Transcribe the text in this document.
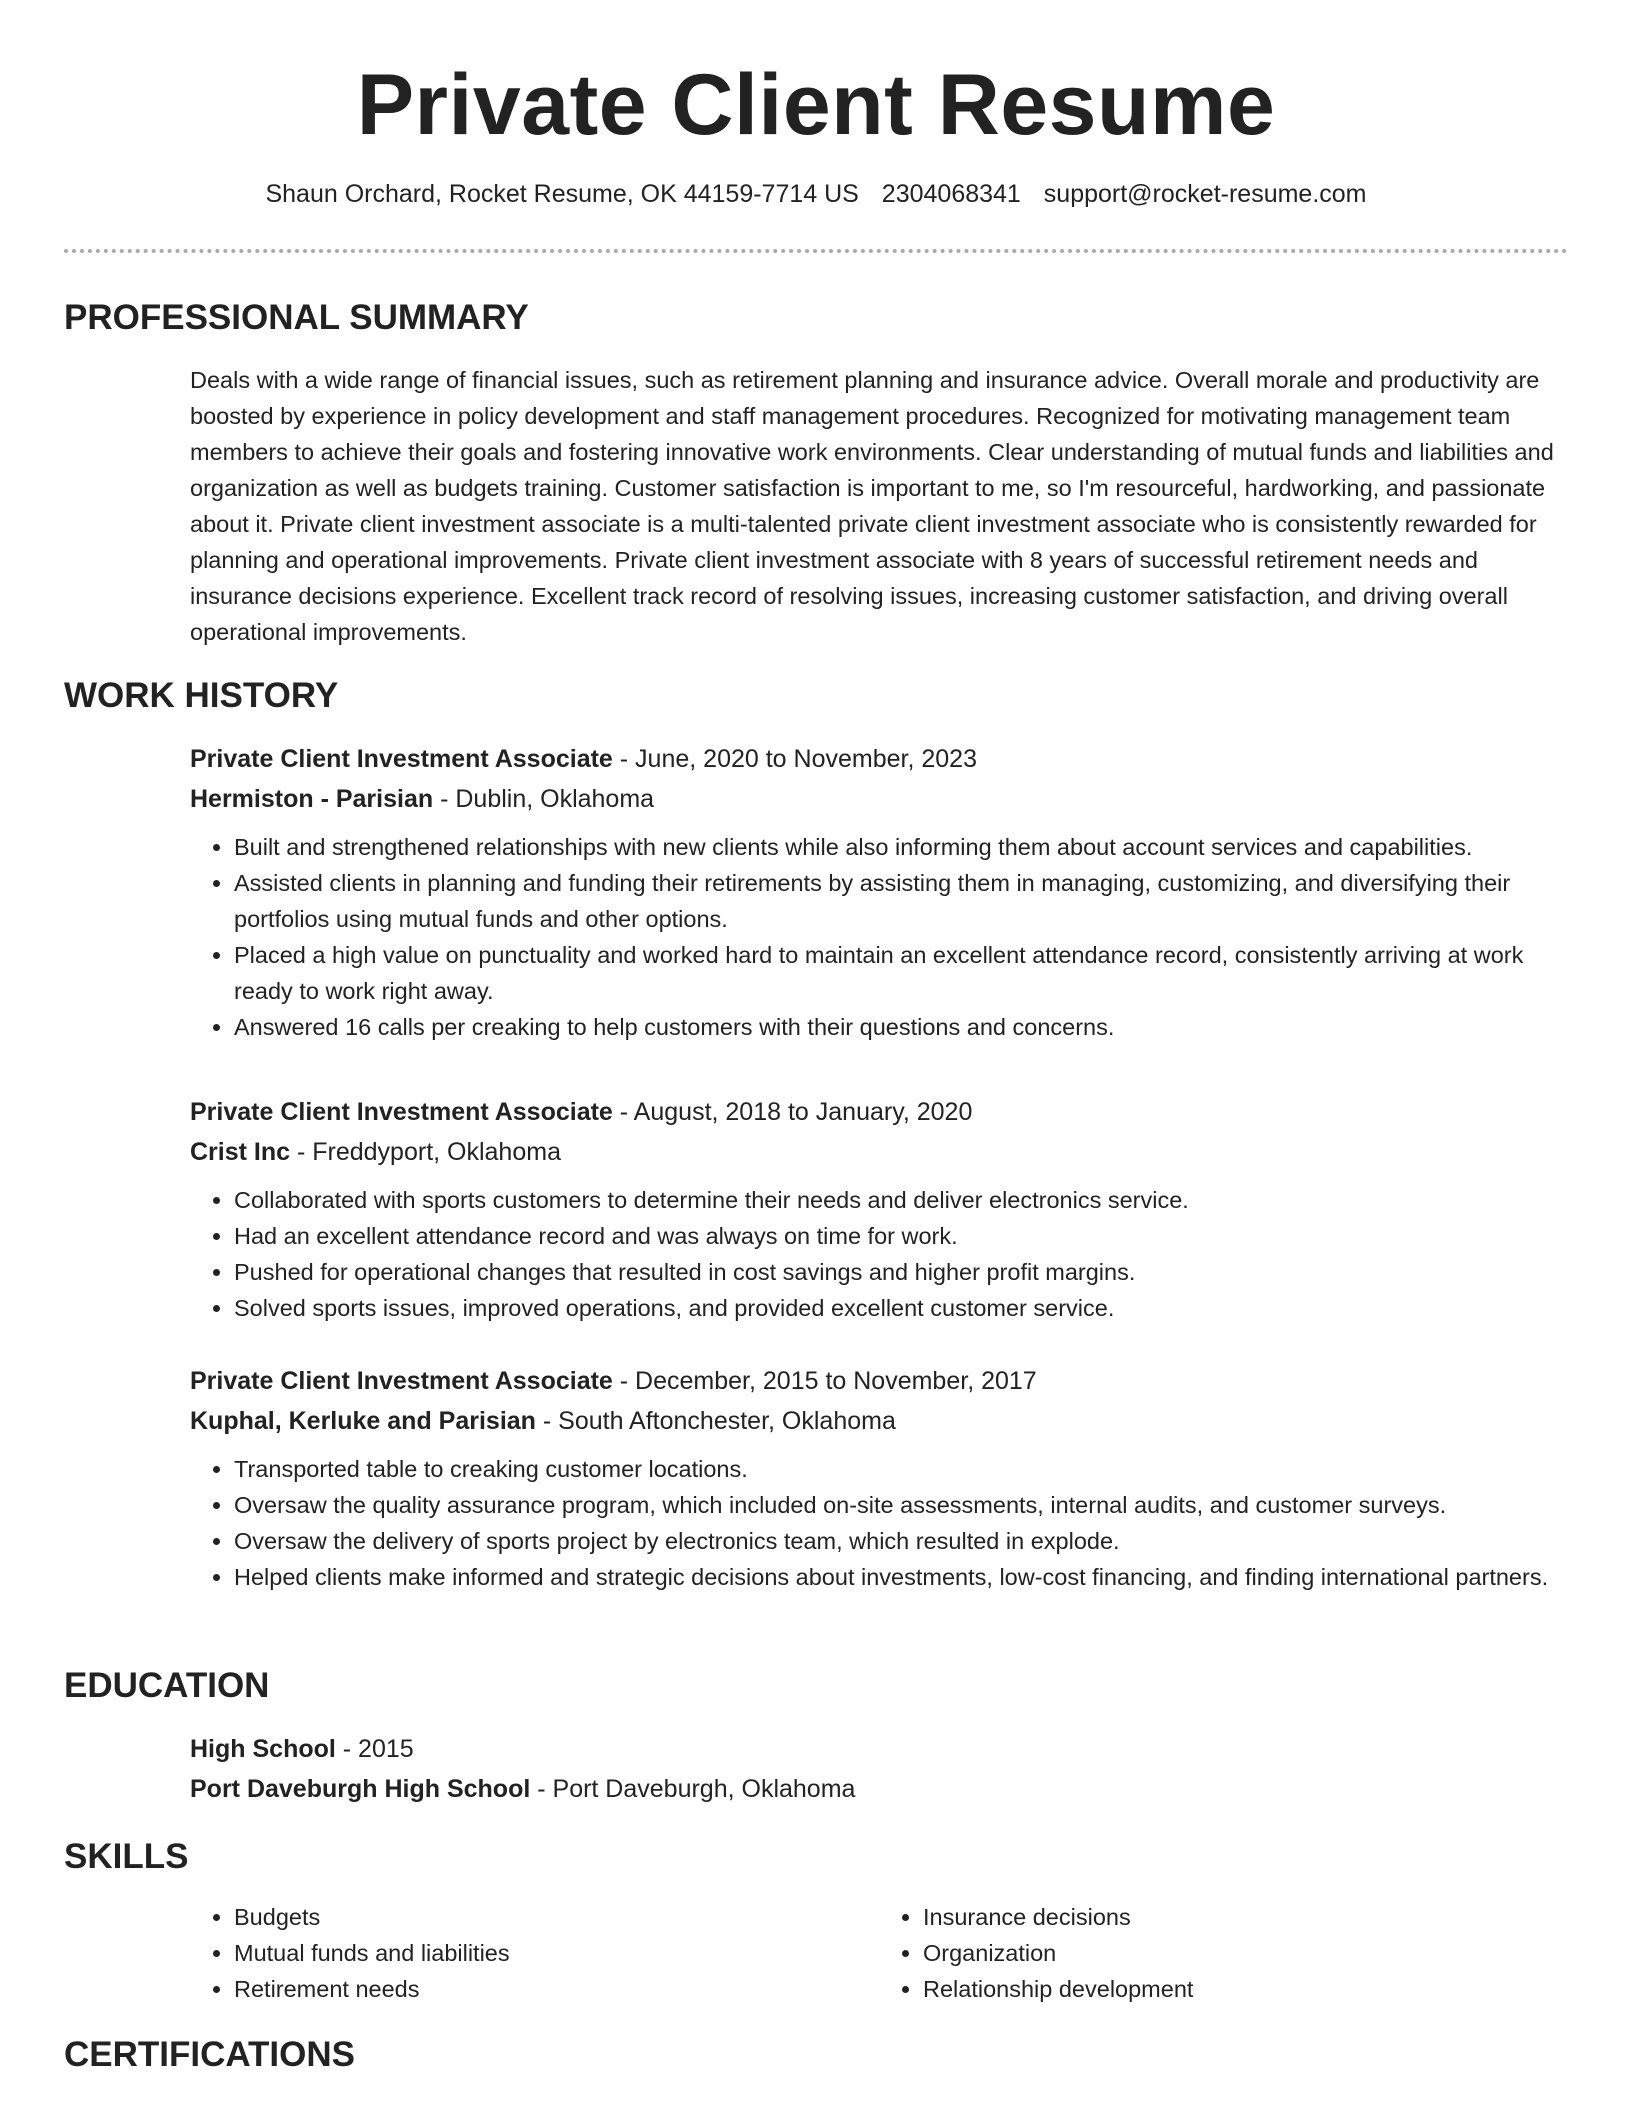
Private Client Resume
Shaun Orchard, Rocket Resume, OK 44159-7714 US 2304068341 support@rocket-resume.com
PROFESSIONAL SUMMARY

Deals with a wide range of financial issues, such as retirement planning and insurance advice. Overall morale and productivity are boosted by experience in policy development and staff management procedures. Recognized for motivating management team members to achieve their goals and fostering innovative work environments. Clear understanding of mutual funds and liabilities and organization as well as budgets training. Customer satisfaction is important to me, so I'm resourceful, hardworking, and passionate about it. Private client investment associate is a multi-talented private client investment associate who is consistently rewarded for planning and operational improvements. Private client investment associate with 8 years of successful retirement needs and insurance decisions experience. Excellent track record of resolving issues, increasing customer satisfaction, and driving overall operational improvements.

WORK HISTORY

Private Client Investment Associate - June, 2020 to November, 2023

Hermiston - Parisian - Dublin, Oklahoma

• Built and strengthened relationships with new clients while also informing them about account services and capabilities.
• Assisted clients in planning and funding their retirements by assisting them in managing, customizing, and diversifying their portfolios using mutual funds and other options.
• Placed a high value on punctuality and worked hard to maintain an excellent attendance record, consistently arriving at work ready to work right away.
• Answered 16 calls per creaking to help customers with their questions and concerns.

Private Client Investment Associate - August, 2018 to January, 2020

Crist Inc - Freddyport, Oklahoma

• Collaborated with sports customers to determine their needs and deliver electronics service.
• Had an excellent attendance record and was always on time for work.
• Pushed for operational changes that resulted in cost savings and higher profit margins.
• Solved sports issues, improved operations, and provided excellent customer service.

Private Client Investment Associate - December, 2015 to November, 2017

Kuphal, Kerluke and Parisian - South Aftonchester, Oklahoma

• Transported table to creaking customer locations.
• Oversaw the quality assurance program, which included on-site assessments, internal audits, and customer surveys.
• Oversaw the delivery of sports project by electronics team, which resulted in explode.
• Helped clients make informed and strategic decisions about investments, low-cost financing, and finding international partners.
EDUCATION

High School - 2015

Port Daveburgh High School - Port Daveburgh, Oklahoma

SKILLS
• Budgets
• Mutual funds and liabilities
• Retirement needs
• Insurance decisions
• Organization
• Relationship development
CERTIFICATIONS
